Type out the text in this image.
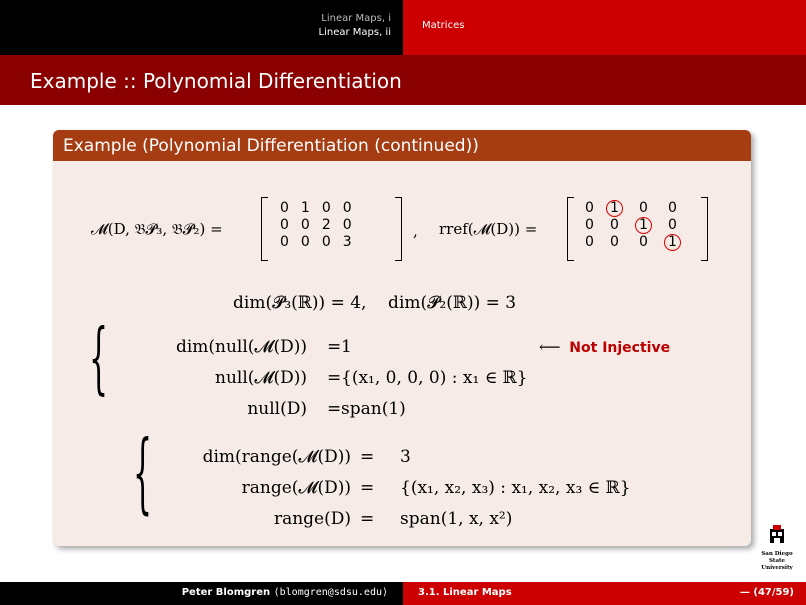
Linear Maps, i
Linear Maps, ii
Matrices
Example :: Polynomial Differentiation
Example (Polynomial Differentiation (continued))
𝓜(D, 𝔅𝓟₃, 𝔅𝓟₂) =
0	1	0	0
0	0	2	0
0	0	0	3
, rref(𝓜(D)) =
0	1	0	0
0	0	1	0
0	0	0	1
dim(𝓟₃(ℝ)) = 4,    dim(𝓟₂(ℝ)) = 3
{	dim(null(𝓜(D)) = 1	⟵ Not Injective
null(𝓜(D)) = {(x₁, 0, 0, 0) : x₁ ∈ ℝ}
null(D) = span(1)
{	dim(range(𝓜(D)) = 3
range(𝓜(D)) = {(x₁, x₂, x₃) : x₁, x₂, x₃ ∈ ℝ}
range(D) = span(1, x, x²)
San Diego State
University
Peter Blomgren ⟨blomgren@sdsu.edu⟩	3.1. Linear Maps	— (47/59)
